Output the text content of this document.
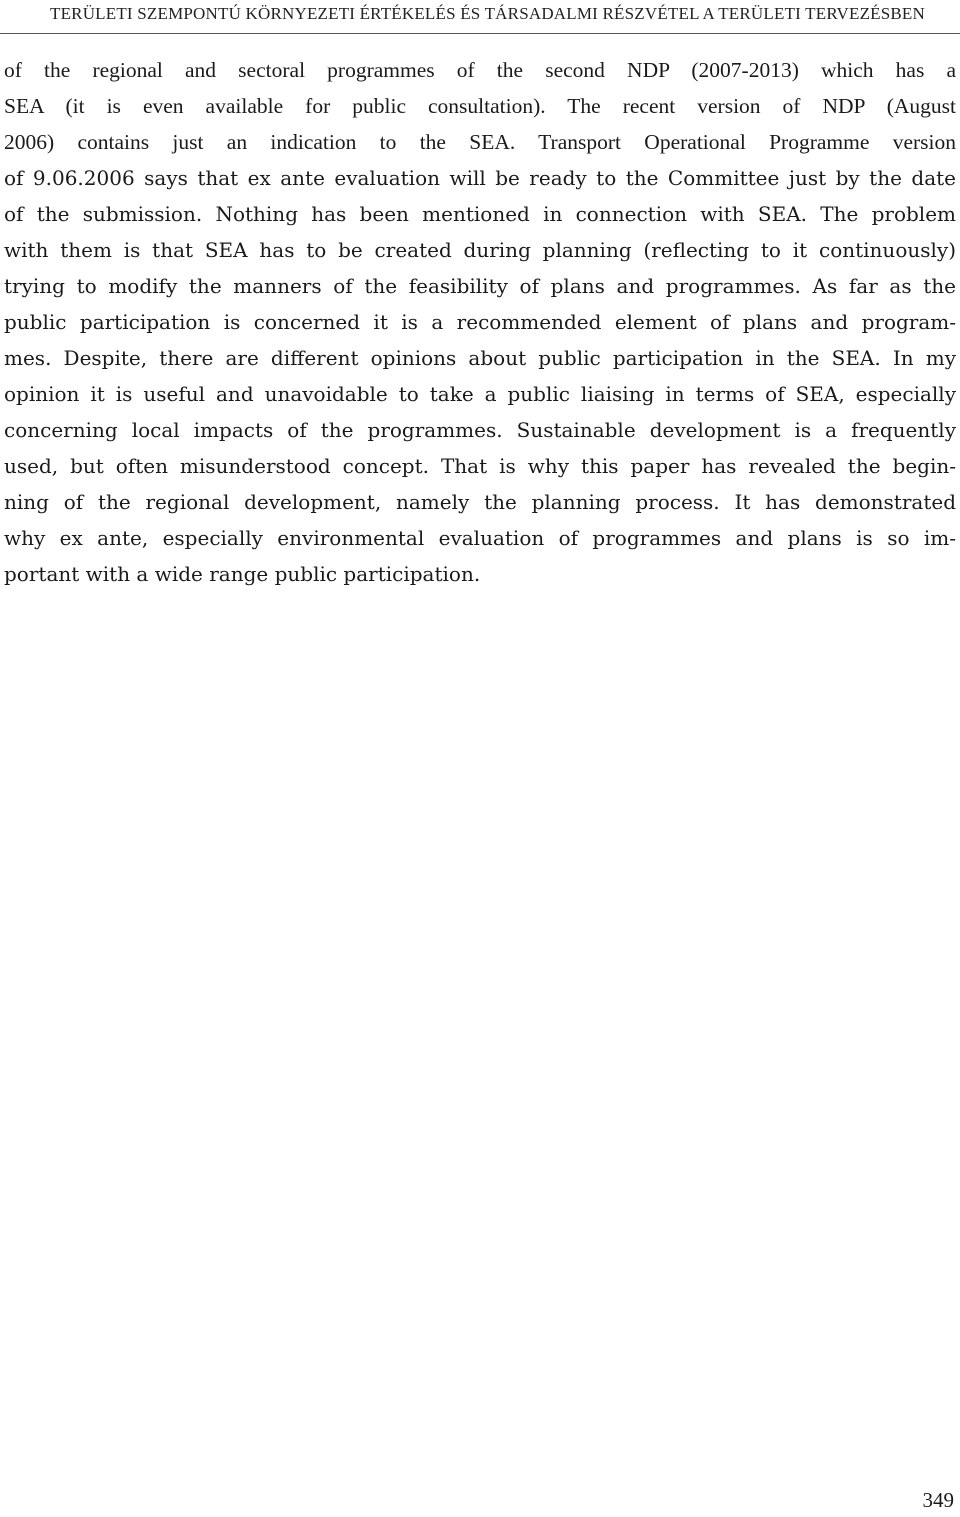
TERÜLETI SZEMPONTÚ KÖRNYEZETI ÉRTÉKELÉS ÉS TÁRSADALMI RÉSZVÉTEL A TERÜLETI TERVEZÉSBEN
of the regional and sectoral programmes of the second NDP (2007-2013) which has a
SEA (it is even available for public consultation). The recent version of NDP (August
2006) contains just an indication to the SEA. Transport Operational Programme version
of 9.06.2006 says that ex ante evaluation will be ready to the Committee just by the date
of the submission. Nothing has been mentioned in connection with SEA. The problem
with them is that SEA has to be created during planning (reflecting to it continuously)
trying to modify the manners of the feasibility of plans and programmes. As far as the
public participation is concerned it is a recommended element of plans and program-
mes. Despite, there are different opinions about public participation in the SEA. In my
opinion it is useful and unavoidable to take a public liaising in terms of SEA, especially
concerning local impacts of the programmes. Sustainable development is a frequently
used, but often misunderstood concept. That is why this paper has revealed the begin-
ning of the regional development, namely the planning process. It has demonstrated
why ex ante, especially environmental evaluation of programmes and plans is so im-
portant with a wide range public participation.
349
